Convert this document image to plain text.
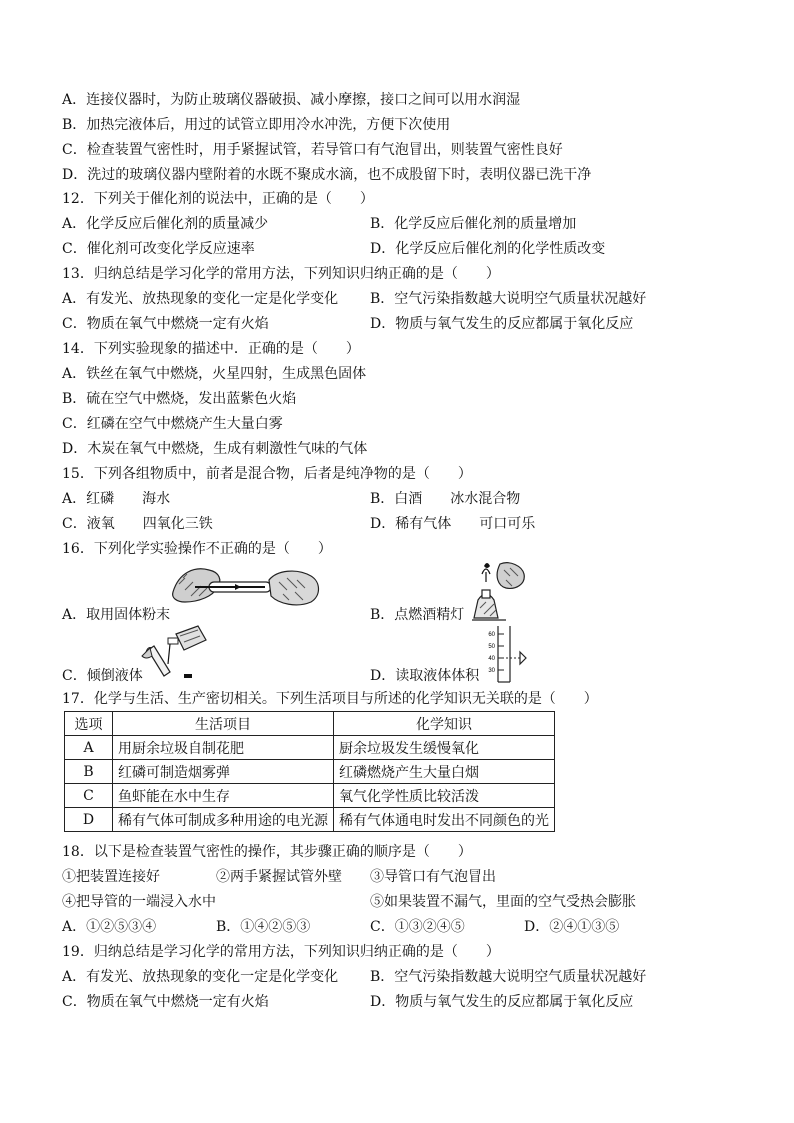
A．连接仪器时，为防止玻璃仪器破损、减小摩擦，接口之间可以用水润湿
B．加热完液体后，用过的试管立即用冷水冲洗，方便下次使用
C．检查装置气密性时，用手紧握试管，若导管口有气泡冒出，则装置气密性良好
D．洗过的玻璃仪器内壁附着的水既不聚成水滴，也不成股留下时，表明仪器已洗干净
12．下列关于催化剂的说法中，正确的是（　　）
A．化学反应后催化剂的质量减少	B．化学反应后催化剂的质量增加
C．催化剂可改变化学反应速率	D．化学反应后催化剂的化学性质改变
13．归纳总结是学习化学的常用方法，下列知识归纳正确的是（　　）
A．有发光、放热现象的变化一定是化学变化 B．空气污染指数越大说明空气质量状况越好
C．物质在氧气中燃烧一定有火焰	D．物质与氧气发生的反应都属于氧化反应
14．下列实验现象的描述中．正确的是（　　）
A．铁丝在氧气中燃烧，火星四射，生成黑色固体
B．硫在空气中燃烧，发出蓝紫色火焰
C．红磷在空气中燃烧产生大量白雾
D．木炭在氧气中燃烧，生成有刺激性气味的气体
15．下列各组物质中，前者是混合物，后者是纯净物的是（　　）
A．红磷　　海水	B．白酒　　冰水混合物
C．液氧　　四氧化三铁	D．稀有气体　　可口可乐
16．下列化学实验操作不正确的是（　　）
A．取用固体粉末	B．点燃酒精灯
C．倾倒液体
60
50
40
30
D．读取液体体积
17．化学与生活、生产密切相关。下列生活项目与所述的化学知识无关联的是（　　）
选项	生活项目	化学知识
A	用厨余垃圾自制花肥	厨余垃圾发生缓慢氧化
B	红磷可制造烟雾弹	红磷燃烧产生大量白烟
C	鱼虾能在水中生存	氧气化学性质比较活泼
D	稀有气体可制成多种用途的电光源	稀有气体通电时发出不同颜色的光
18．以下是检查装置气密性的操作，其步骤正确的顺序是（　　）
①把装置连接好	②两手紧握试管外壁 ③导管口有气泡冒出
④把导管的一端浸入水中	⑤如果装置不漏气，里面的空气受热会膨胀
A．①②⑤③④	B．①④②⑤③	C．①③②④⑤	D．②④①③⑤
19．归纳总结是学习化学的常用方法，下列知识归纳正确的是（　　）
A．有发光、放热现象的变化一定是化学变化 B．空气污染指数越大说明空气质量状况越好
C．物质在氧气中燃烧一定有火焰	D．物质与氧气发生的反应都属于氧化反应
